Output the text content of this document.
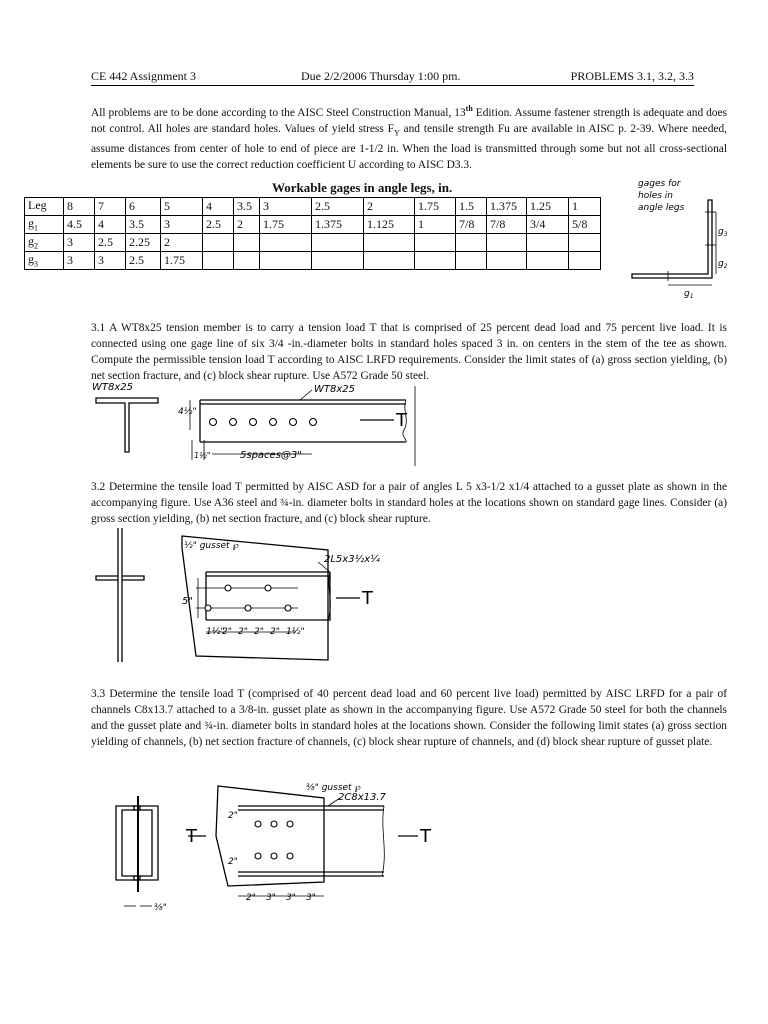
CE 442 Assignment 3	Due 2/2/2006 Thursday 1:00 pm.	PROBLEMS 3.1, 3.2, 3.3
All problems are to be done according to the AISC Steel Construction Manual, 13th Edition. Assume fastener strength is adequate and does not control. All holes are standard holes. Values of yield stress $F_Y$ and tensile strength Fu are available in AISC p. 2-39. Where needed, assume distances from center of hole to end of piece are 1-1/2 in. When the load is transmitted through some but not all cross-sectional elements be sure to use the correct reduction coefficient U according to AISC D3.3.
Workable gages in angle legs, in.
Leg	8	7	6	5	4	3.5	3	2.5	2	1.75	1.5	1.375	1.25	1
$g_1$	4.5	4	3.5	3	2.5	2	1.75	1.375	1.125	1	7/8	7/8	3/4	5/8
$g_2$	3	2.5	2.25	2										
$g_3$	3	3	2.5	1.75										
gages for
holes in
angle legs
$g_3$
$g_2$
$g_1$
3.1 A WT8x25 tension member is to carry a tension load T that is comprised of 25 percent dead load and 75 percent live load. It is connected using one gage line of six 3/4 -in.-diameter bolts in standard holes spaced 3 in. on centers in the stem of the tee as shown. Compute the permissible tension load T according to AISC LRFD requirements. Consider the limit states of (a) gross section yielding, (b) net section fracture, and (c) block shear rupture. Use A572 Grade 50 steel.
WT8x25	WT8x25
T
4½"
1½"	5spaces@3"
3.2 Determine the tensile load T permitted by AISC ASD for a pair of angles L 5 x3-1/2 x1/4 attached to a gusset plate as shown in the accompanying figure. Use A36 steel and ¾-in. diameter bolts in standard holes at the locations shown on standard gage lines. Consider (a) gross section yielding, (b) net section fracture, and (c) block shear rupture.
½" gusset ℘
2L5x3½x¼
T
5"
1½"
2" 2" 2" 2" 1½"
3.3 Determine the tensile load T (comprised of 40 percent dead load and 60 percent live load) permitted by AISC LRFD for a pair of channels C8x13.7 attached to a 3/8-in. gusset plate as shown in the accompanying figure. Use A572 Grade 50 steel for both the channels and the gusset plate and ¾-in. diameter bolts in standard holes at the locations shown. Consider the following limit states (a) gross section yielding of channels, (b) net section fracture of channels, (c) block shear rupture of channels, and (d) block shear rupture of gusset plate.
⅜"
⅜" gusset ℘
2C8x13.7
T	T
2"
2"
2" 3" 3" 3"
